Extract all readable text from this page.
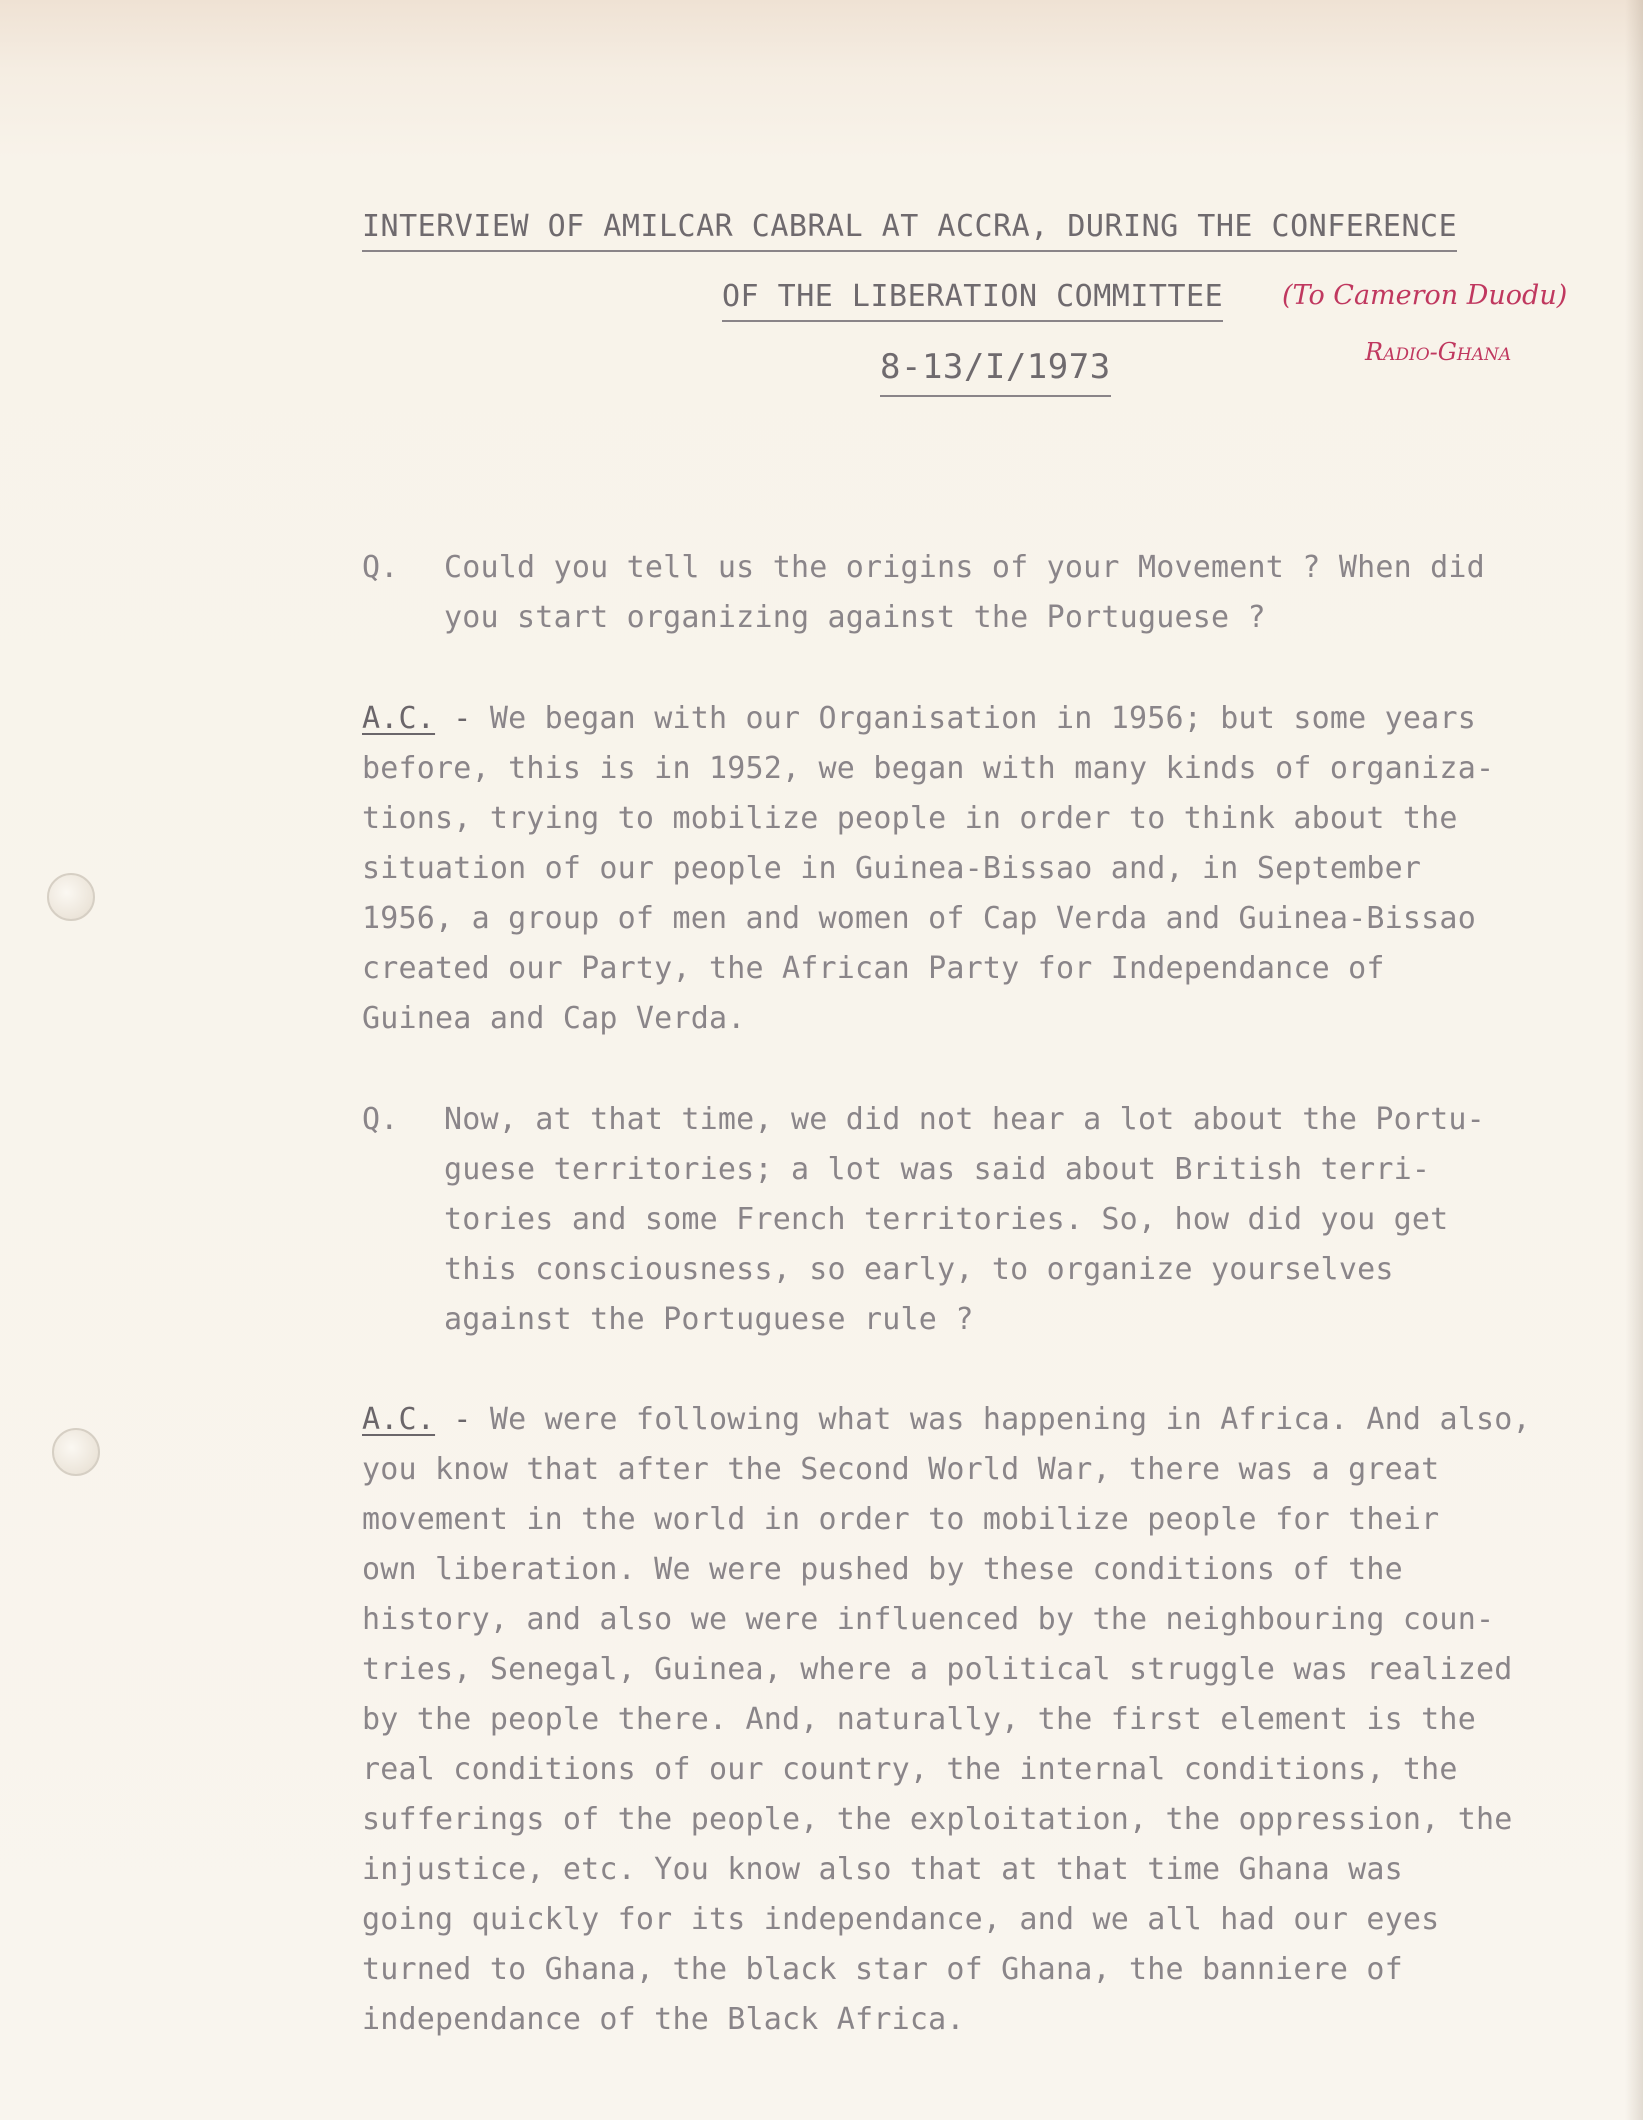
INTERVIEW OF AMILCAR CABRAL AT ACCRA, DURING THE CONFERENCE
OF THE LIBERATION COMMITTEE
8-13/I/1973
(To Cameron Duodu)
Radio-Ghana
Q. Could you tell us the origins of your Movement ? When did
you start organizing against the Portuguese ?
A.C. - We began with our Organisation in 1956; but some years
before, this is in 1952, we began with many kinds of organiza-
tions, trying to mobilize people in order to think about the
situation of our people in Guinea-Bissao and, in September
1956, a group of men and women of Cap Verda and Guinea-Bissao
created our Party, the African Party for Independance of
Guinea and Cap Verda.
Q. Now, at that time, we did not hear a lot about the Portu-
guese territories; a lot was said about British terri-
tories and some French territories. So, how did you get
this consciousness, so early, to organize yourselves
against the Portuguese rule ?
A.C. - We were following what was happening in Africa. And also,
you know that after the Second World War, there was a great
movement in the world in order to mobilize people for their
own liberation. We were pushed by these conditions of the
history, and also we were influenced by the neighbouring coun-
tries, Senegal, Guinea, where a political struggle was realized
by the people there. And, naturally, the first element is the
real conditions of our country, the internal conditions, the
sufferings of the people, the exploitation, the oppression, the
injustice, etc. You know also that at that time Ghana was
going quickly for its independance, and we all had our eyes
turned to Ghana, the black star of Ghana, the banniere of
independance of the Black Africa.
